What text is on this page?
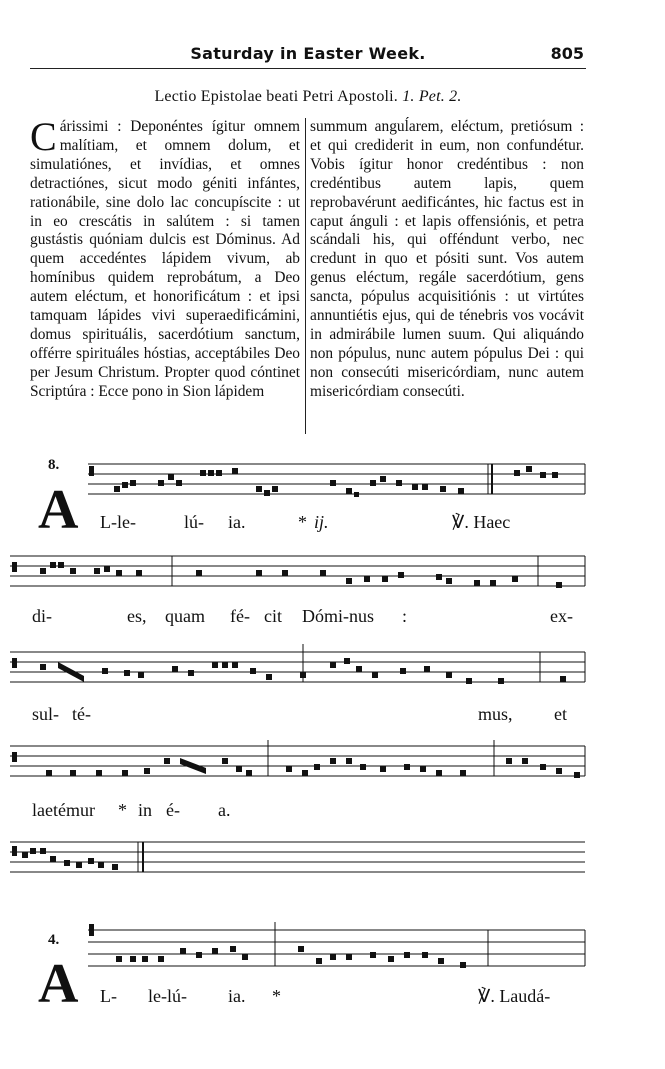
Saturday in Easter Week.	805
Lectio Epistolae beati Petri Apostoli. 1. Pet. 2.
Cárissimi : Deponéntes ígitur omnem malítiam, et omnem dolum, et simulatiónes, et invídias, et omnes detractiónes, sicut modo géniti infántes, rationábile, sine dolo lac concupíscite : ut in eo crescátis in salútem : si tamen gustástis quóniam dulcis est Dóminus. Ad quem accedéntes lápidem vivum, ab homínibus quidem reprobátum, a Deo autem eléctum, et honorificátum : et ipsi tamquam lápides vivi superaedificámini, domus spirituális, sacerdótium sanctum, offérre spirituáles hóstias, acceptábiles Deo per Jesum Christum. Propter quod cóntinet Scriptúra : Ecce pono in Sion lápidem
summum anguĺarem, eléctum, pretiósum : et qui crediderit in eum, non confundétur. Vobis ígitur honor credéntibus : non credéntibus autem lapis, quem reprobavérunt aedificántes, hic factus est in caput ánguli : et lapis offensiónis, et petra scándali his, qui offéndunt verbo, nec credunt in quo et pósiti sunt. Vos autem genus eléctum, regále sacerdótium, gens sancta, pópulus acquisitiónis : ut virtútes annuntiétis ejus, qui de ténebris vos vocávit in admirábile lumen suum. Qui aliquándo non pópulus, nunc autem pópulus Dei : qui non consecúti misericórdiam, nunc autem misericórdiam consecúti.
8.
A L-le-	lú- ia.	* ij.	℣. Haec
di-	es, quam fé- cit Dómi-nus :	ex-
sul- té-	mus, et
laetémur * in é- a.
4.
A L- le-lú- ia. *	℣. Laudá-
